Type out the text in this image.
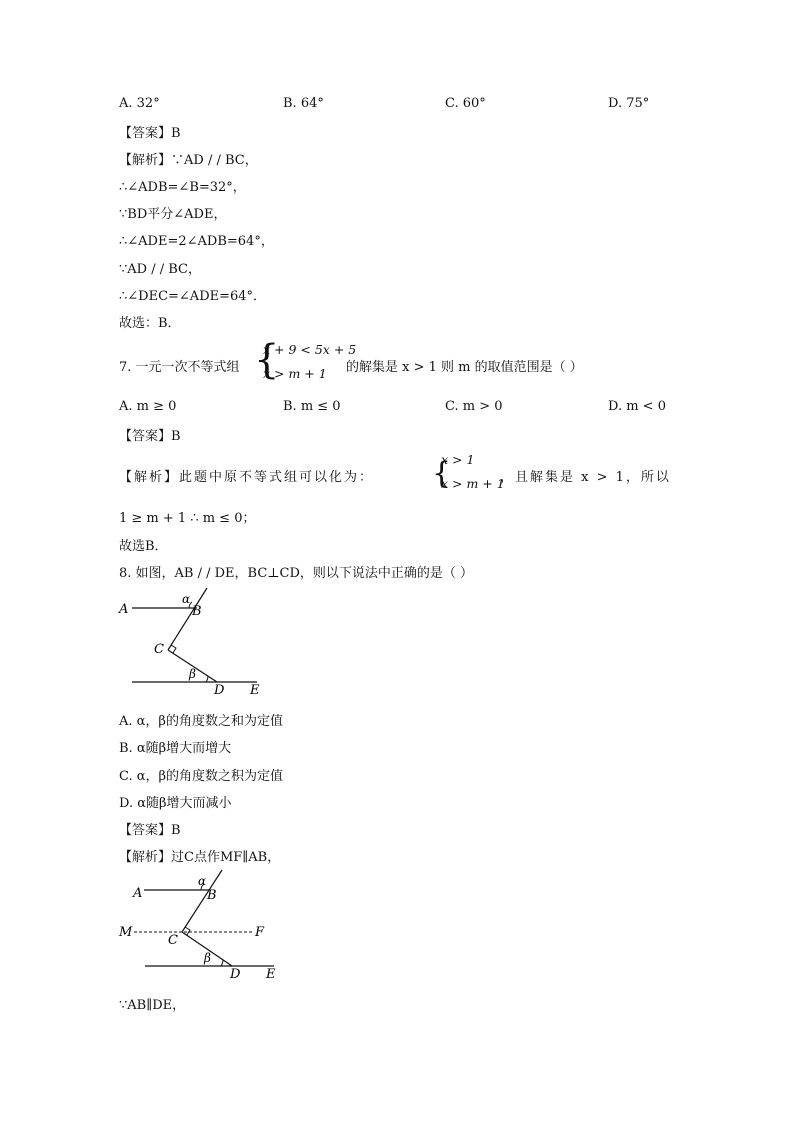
A. 32°	B. 64°	C. 60°	D. 75°
【答案】B
【解析】∵AD / / BC，
∴∠ADB=∠B=32°，
∵BD平分∠ADE，
∴∠ADE=2∠ADB=64°，
∵AD / / BC，
∴∠DEC=∠ADE=64°．
故选：B．
7. 一元一次不等式组 {
x + 9 < 5x + 5
x > m + 1 的解集是 x > 1 则 m 的取值范围是（ ）
A. m ≥ 0	B. m ≤ 0	C. m > 0	D. m < 0
【答案】B
【解析】此题中原不等式组可以化为： {
x > 1
x > m + 1
，且解集是 x > 1，所以
1 ≥ m + 1 ∴ m ≤ 0；
故选B．
8. 如图，AB / / DE，BC⊥CD，则以下说法中正确的是（ ）
A
α
B
C
β
D E
A. α，β的角度数之和为定值
B. α随β增大而增大
C. α，β的角度数之积为定值
D. α随β增大而减小
【答案】B
【解析】过C点作MF∥AB，
A
α
B
M
C
F
β
D E
∵AB∥DE，
